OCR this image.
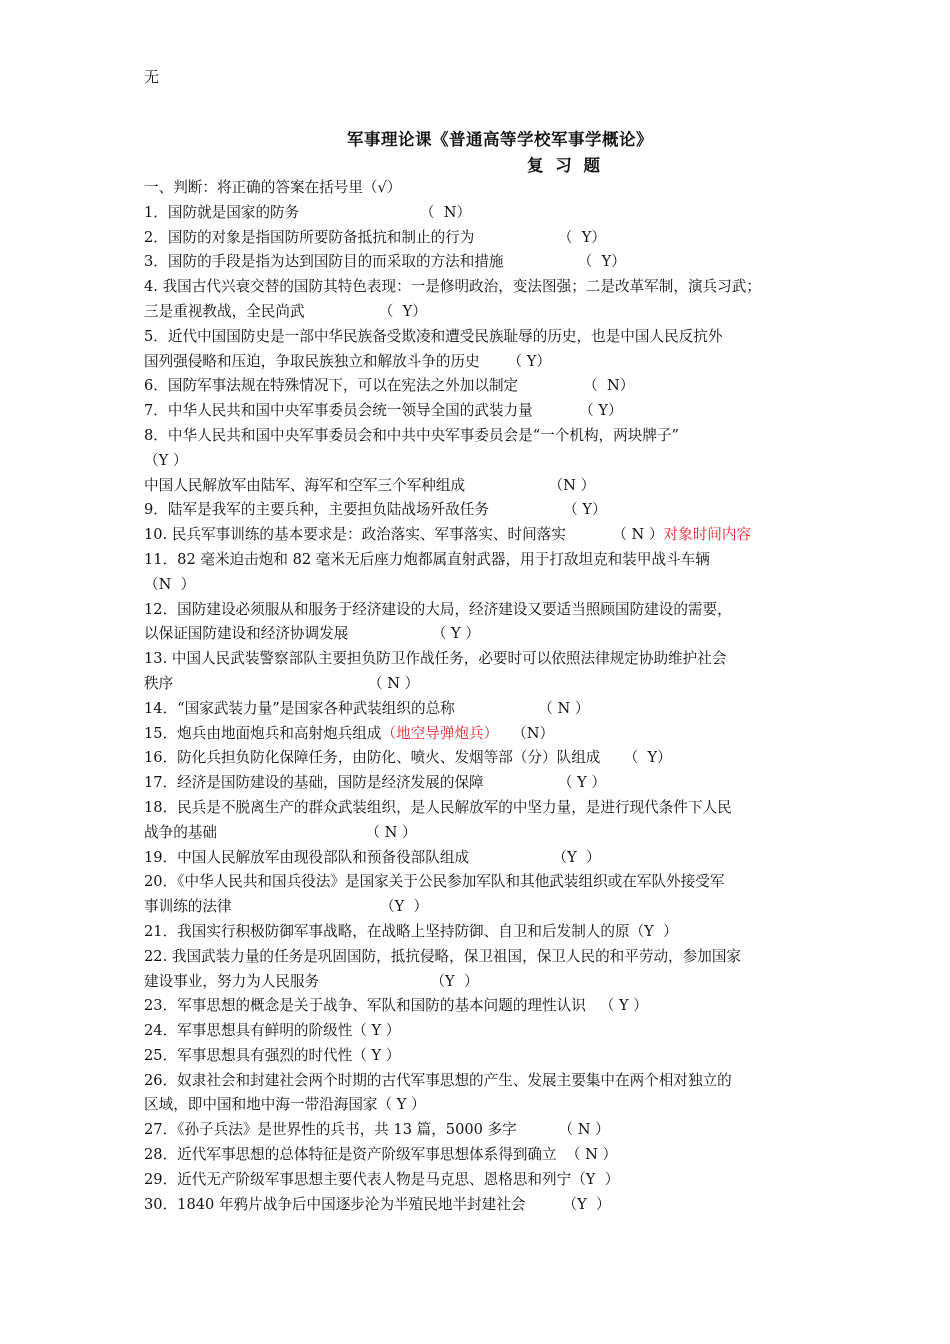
无
军事理论课《普通高等学校军事学概论》
复 习 题
一、判断：将正确的答案在括号里（√）
1．国防就是国家的防务                          （  N）
2．国防的对象是指国防所要防备抵抗和制止的行为                  （  Y）
3．国防的手段是指为达到国防目的而采取的方法和措施                （  Y）
4. 我国古代兴衰交替的国防其特色表现：一是修明政治，变法图强；二是改革军制，演兵习武；
三是重视教战，全民尚武                （  Y）
5．近代中国国防史是一部中华民族备受欺凌和遭受民族耻辱的历史，也是中国人民反抗外
国列强侵略和压迫，争取民族独立和解放斗争的历史      （ Y）
6．国防军事法规在特殊情况下，可以在宪法之外加以制定              （  N）
7．中华人民共和国中央军事委员会统一领导全国的武装力量          （ Y）
8．中华人民共和国中央军事委员会和中共中央军事委员会是“一个机构，两块牌子”
（Y ）
中国人民解放军由陆军、海军和空军三个军种组成                  （N ）
9．陆军是我军的主要兵种，主要担负陆战场歼敌任务                （ Y）
10. 民兵军事训练的基本要求是：政治落实、军事落实、时间落实          （ N ）对象时间内容
11．82 毫米迫击炮和 82 毫米无后座力炮都属直射武器，用于打敌坦克和装甲战斗车辆
（N  ）
12．国防建设必须服从和服务于经济建设的大局，经济建设又要适当照顾国防建设的需要，
以保证国防建设和经济协调发展                  （ Y ）
13. 中国人民武装警察部队主要担负防卫作战任务，必要时可以依照法律规定协助维护社会
秩序                                          （ N ）
14．“国家武装力量”是国家各种武装组织的总称                  （ N ）
15．炮兵由地面炮兵和高射炮兵组成（地空导弹炮兵）   （N）
16．防化兵担负防化保障任务，由防化、喷火、发烟等部（分）队组成     （  Y）
17．经济是国防建设的基础，国防是经济发展的保障                （ Y ）
18．民兵是不脱离生产的群众武装组织，是人民解放军的中坚力量，是进行现代条件下人民
战争的基础                                （ N ）
19．中国人民解放军由现役部队和预备役部队组成                  （Y  ）
20．《中华人民共和国兵役法》是国家关于公民参加军队和其他武装组织或在军队外接受军
事训练的法律                                （Y  ）
21．我国实行积极防御军事战略，在战略上坚持防御、自卫和后发制人的原（Y  ）
22. 我国武装力量的任务是巩固国防，抵抗侵略，保卫祖国，保卫人民的和平劳动，参加国家
建设事业，努力为人民服务                        （Y  ）
23．军事思想的概念是关于战争、军队和国防的基本问题的理性认识   （ Y ）
24．军事思想具有鲜明的阶级性（ Y ）
25．军事思想具有强烈的时代性（ Y ）
26．奴隶社会和封建社会两个时期的古代军事思想的产生、发展主要集中在两个相对独立的
区域，即中国和地中海一带沿海国家（ Y ）
27．《孙子兵法》是世界性的兵书，共 13 篇，5000 多字         （ N ）
28．近代军事思想的总体特征是资产阶级军事思想体系得到确立  （ N ）
29．近代无产阶级军事思想主要代表人物是马克思、恩格思和列宁（Y  ）
30．1840 年鸦片战争后中国逐步沦为半殖民地半封建社会        （Y  ）
